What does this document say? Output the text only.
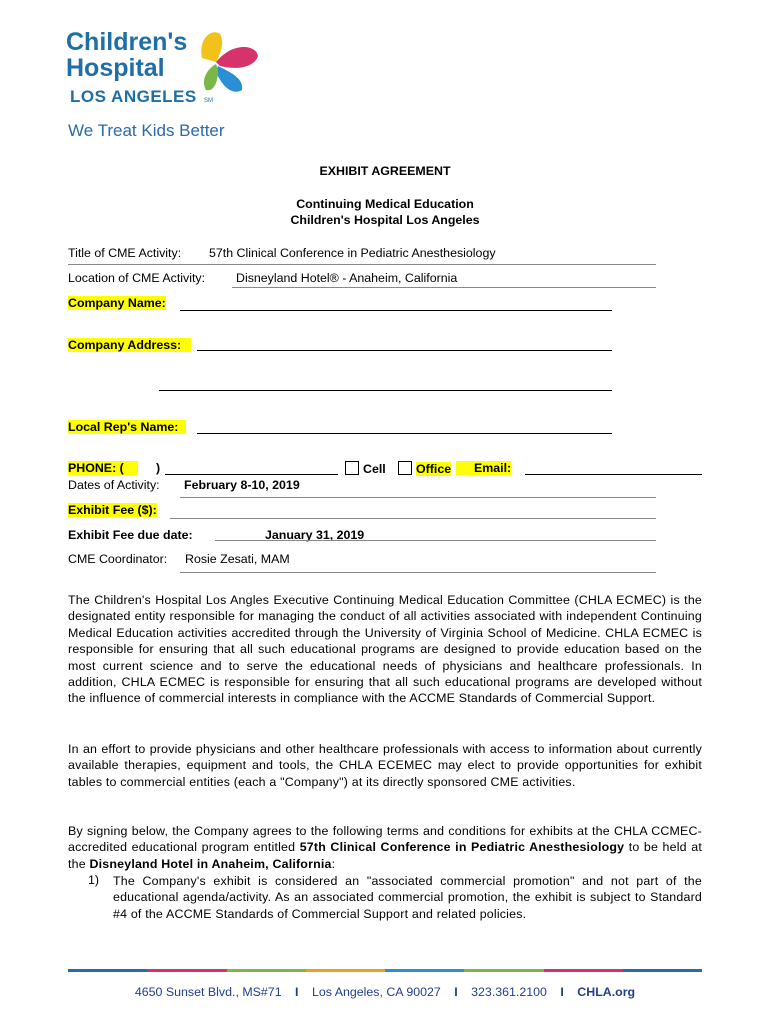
Children's
Hospital
LOS ANGELES SM
We Treat Kids Better
EXHIBIT AGREEMENT
Continuing Medical Education
Children's Hospital Los Angeles
Title of CME Activity: 57th Clinical Conference in Pediatric Anesthesiology
Location of CME Activity: Disneyland Hotel® - Anaheim, California
Company Name:
Company Address:
Local Rep's Name:
PHONE: (	)	Cell	Office	Email:
Dates of Activity: February 8-10, 2019
Exhibit Fee ($):
Exhibit Fee due date:	January 31, 2019
CME Coordinator: Rosie Zesati, MAM
The Children's Hospital Los Angles Executive Continuing Medical Education Committee (CHLA ECMEC) is the designated entity responsible for managing the conduct of all activities associated with independent Continuing Medical Education activities accredited through the University of Virginia School of Medicine. CHLA ECMEC is responsible for ensuring that all such educational programs are designed to provide education based on the most current science and to serve the educational needs of physicians and healthcare professionals. In addition, CHLA ECMEC is responsible for ensuring that all such educational programs are developed without the influence of commercial interests in compliance with the ACCME Standards of Commercial Support.
In an effort to provide physicians and other healthcare professionals with access to information about currently available therapies, equipment and tools, the CHLA ECEMEC may elect to provide opportunities for exhibit tables to commercial entities (each a "Company") at its directly sponsored CME activities.
By signing below, the Company agrees to the following terms and conditions for exhibits at the CHLA CCMEC-accredited educational program entitled 57th Clinical Conference in Pediatric Anesthesiology to be held at the Disneyland Hotel in Anaheim, California:
1) The Company's exhibit is considered an "associated commercial promotion" and not part of the educational agenda/activity. As an associated commercial promotion, the exhibit is subject to Standard #4 of the ACCME Standards of Commercial Support and related policies.
4650 Sunset Blvd., MS#71 I Los Angeles, CA 90027 I 323.361.2100 I CHLA.org
